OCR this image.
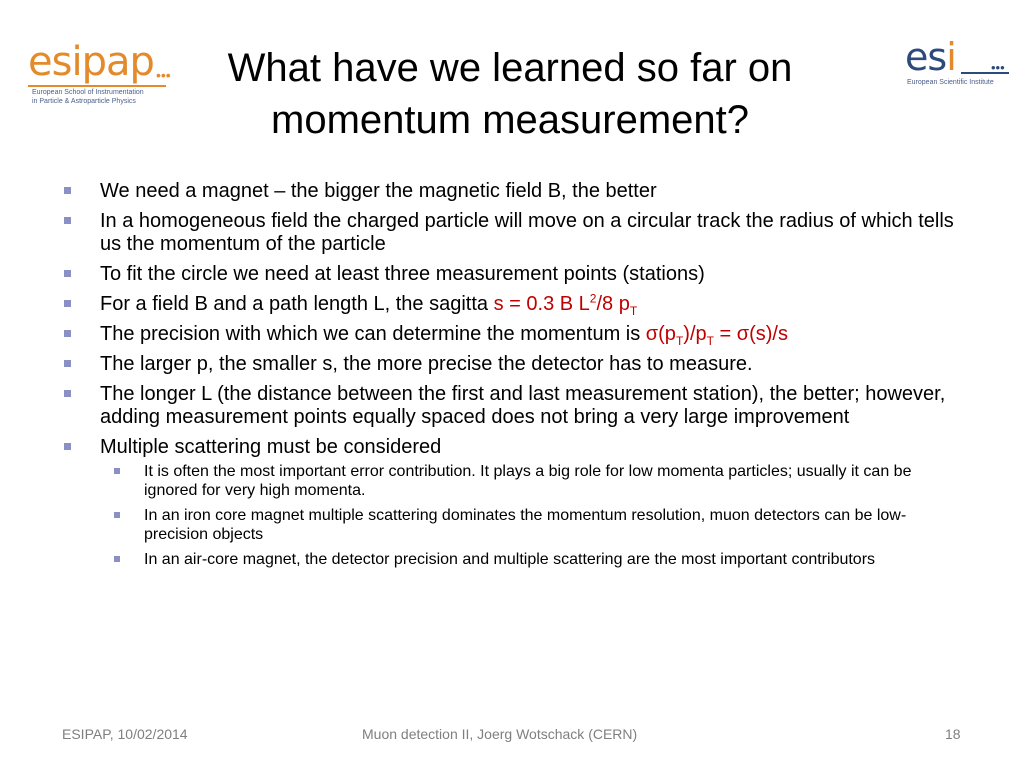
esipap •••
European School of Instrumentation
in Particle & Astroparticle Physics
esi	•••
European Scientific Institute
What have we learned so far on
momentum measurement?
We need a magnet – the bigger the magnetic field B, the better
In a homogeneous field the charged particle will move on a circular track the radius of which tells us the momentum of the particle
To fit the circle we need at least three measurement points (stations)
For a field B and a path length L, the sagitta s = 0.3 B $L^2/8$ $p_T$
The precision with which we can determine the momentum is $\sigma(p_T)/p_T = \sigma(s)/s$
The larger p, the smaller s, the more precise the detector has to measure.
The longer L (the distance between the first and last measurement station), the better; however, adding measurement points equally spaced does not bring a very large improvement
Multiple scattering must be considered
It is often the most important error contribution. It plays a big role for low momenta particles; usually it can be ignored for very high momenta.
In an iron core magnet multiple scattering dominates the momentum resolution, muon detectors can be low-precision objects
In an air-core magnet, the detector precision and multiple scattering are the most important contributors
ESIPAP, 10/02/2014	Muon detection II, Joerg Wotschack (CERN)	18
